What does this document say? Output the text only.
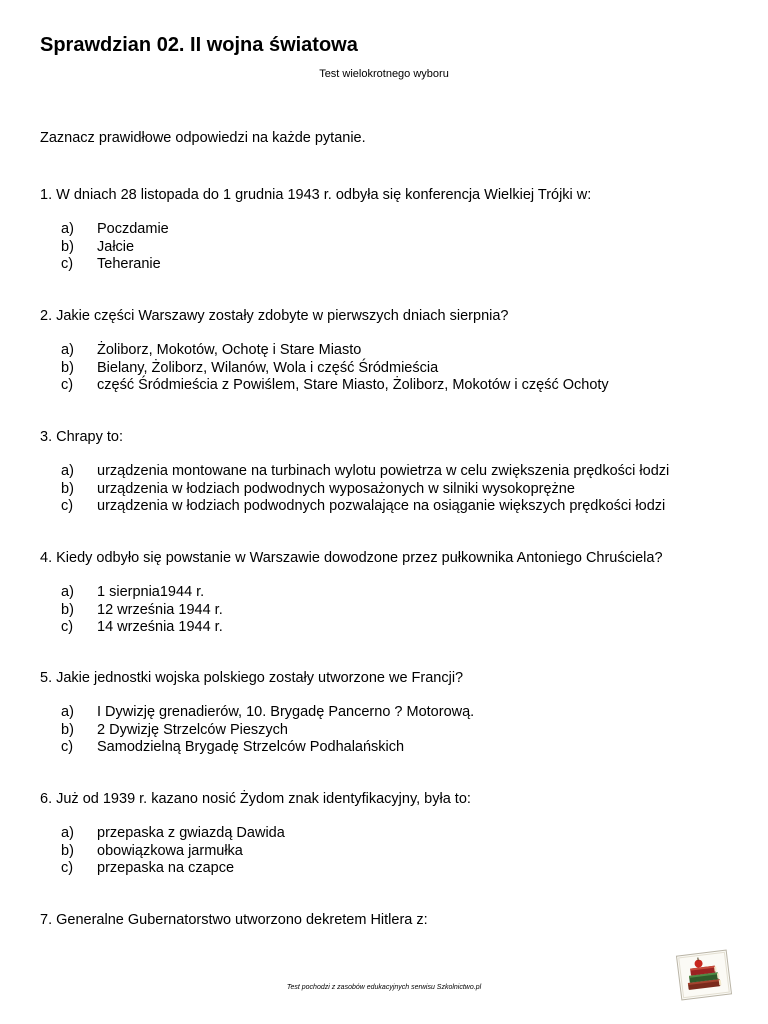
Sprawdzian 02. II wojna światowa
Test wielokrotnego wyboru
Zaznacz prawidłowe odpowiedzi na każde pytanie.
1. W dniach 28 listopada do 1 grudnia 1943 r. odbyła się konferencja Wielkiej Trójki w:
a)	Poczdamie
b)	Jałcie
c)	Teheranie
2. Jakie części Warszawy zostały zdobyte w pierwszych dniach sierpnia?
a)	Żoliborz, Mokotów, Ochotę i Stare Miasto
b)	Bielany, Żoliborz, Wilanów, Wola i część Śródmieścia
c)	część Śródmieścia z Powiślem, Stare Miasto, Żoliborz, Mokotów i część Ochoty
3. Chrapy to:
a)	urządzenia montowane na turbinach wylotu powietrza w celu zwiększenia prędkości łodzi
b)	urządzenia w łodziach podwodnych wyposażonych w silniki wysokoprężne
c)	urządzenia w łodziach podwodnych pozwalające na osiąganie większych prędkości łodzi
4. Kiedy odbyło się powstanie w Warszawie dowodzone przez pułkownika Antoniego Chruściela?
a)	1 sierpnia1944 r.
b)	12 września 1944 r.
c)	14 września 1944 r.
5. Jakie jednostki wojska polskiego zostały utworzone we Francji?
a)	I Dywizję grenadierów, 10. Brygadę Pancerno ? Motorową.
b)	2 Dywizję Strzelców Pieszych
c)	Samodzielną Brygadę Strzelców Podhalańskich
6. Już od 1939 r. kazano nosić Żydom znak identyfikacyjny, była to:
a)	przepaska z gwiazdą Dawida
b)	obowiązkowa jarmułka
c)	przepaska na czapce
7. Generalne Gubernatorstwo utworzono dekretem Hitlera z:
Test pochodzi z zasobów edukacyjnych serwisu Szkolnictwo.pl
